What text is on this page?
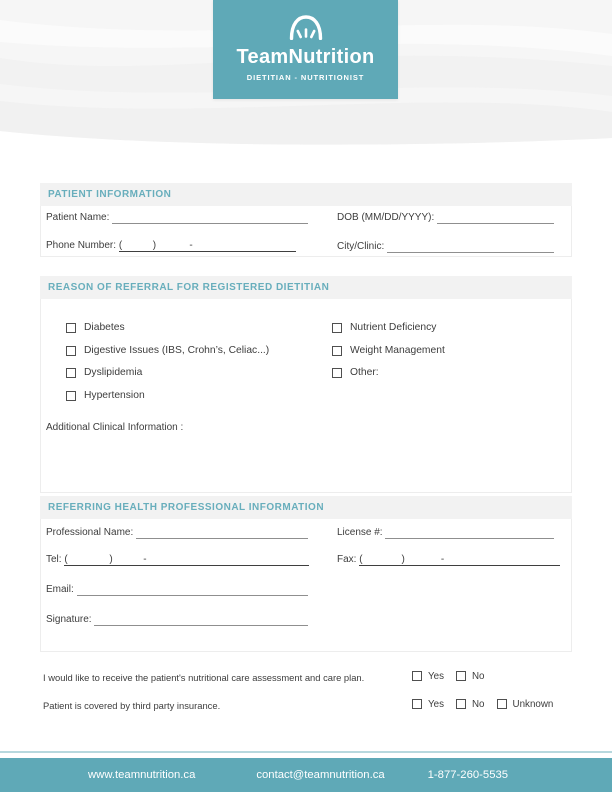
TeamNutrition
DIETITIAN - NUTRITIONIST
PATIENT INFORMATION
Patient Name:	DOB (MM/DD/YYYY):
Phone Number: (           )            -	City/Clinic:
REASON OF REFERRAL FOR REGISTERED DIETITIAN
Diabetes
Digestive Issues (IBS, Crohn’s, Celiac...)
Dyslipidemia
Hypertension
Nutrient Deficiency
Weight Management
Other:
Additional Clinical Information :
REFERRING HEALTH PROFESSIONAL INFORMATION
Professional Name:	License #:
Tel: (               )           -	Fax: (              )             -
Email:
Signature:
I would like to receive the patient's nutritional care assessment and care plan.	Yes	No
Patient is covered by third party insurance.	Yes	No	Unknown
www.teamnutrition.ca	contact@teamnutrition.ca	1-877-260-5535
